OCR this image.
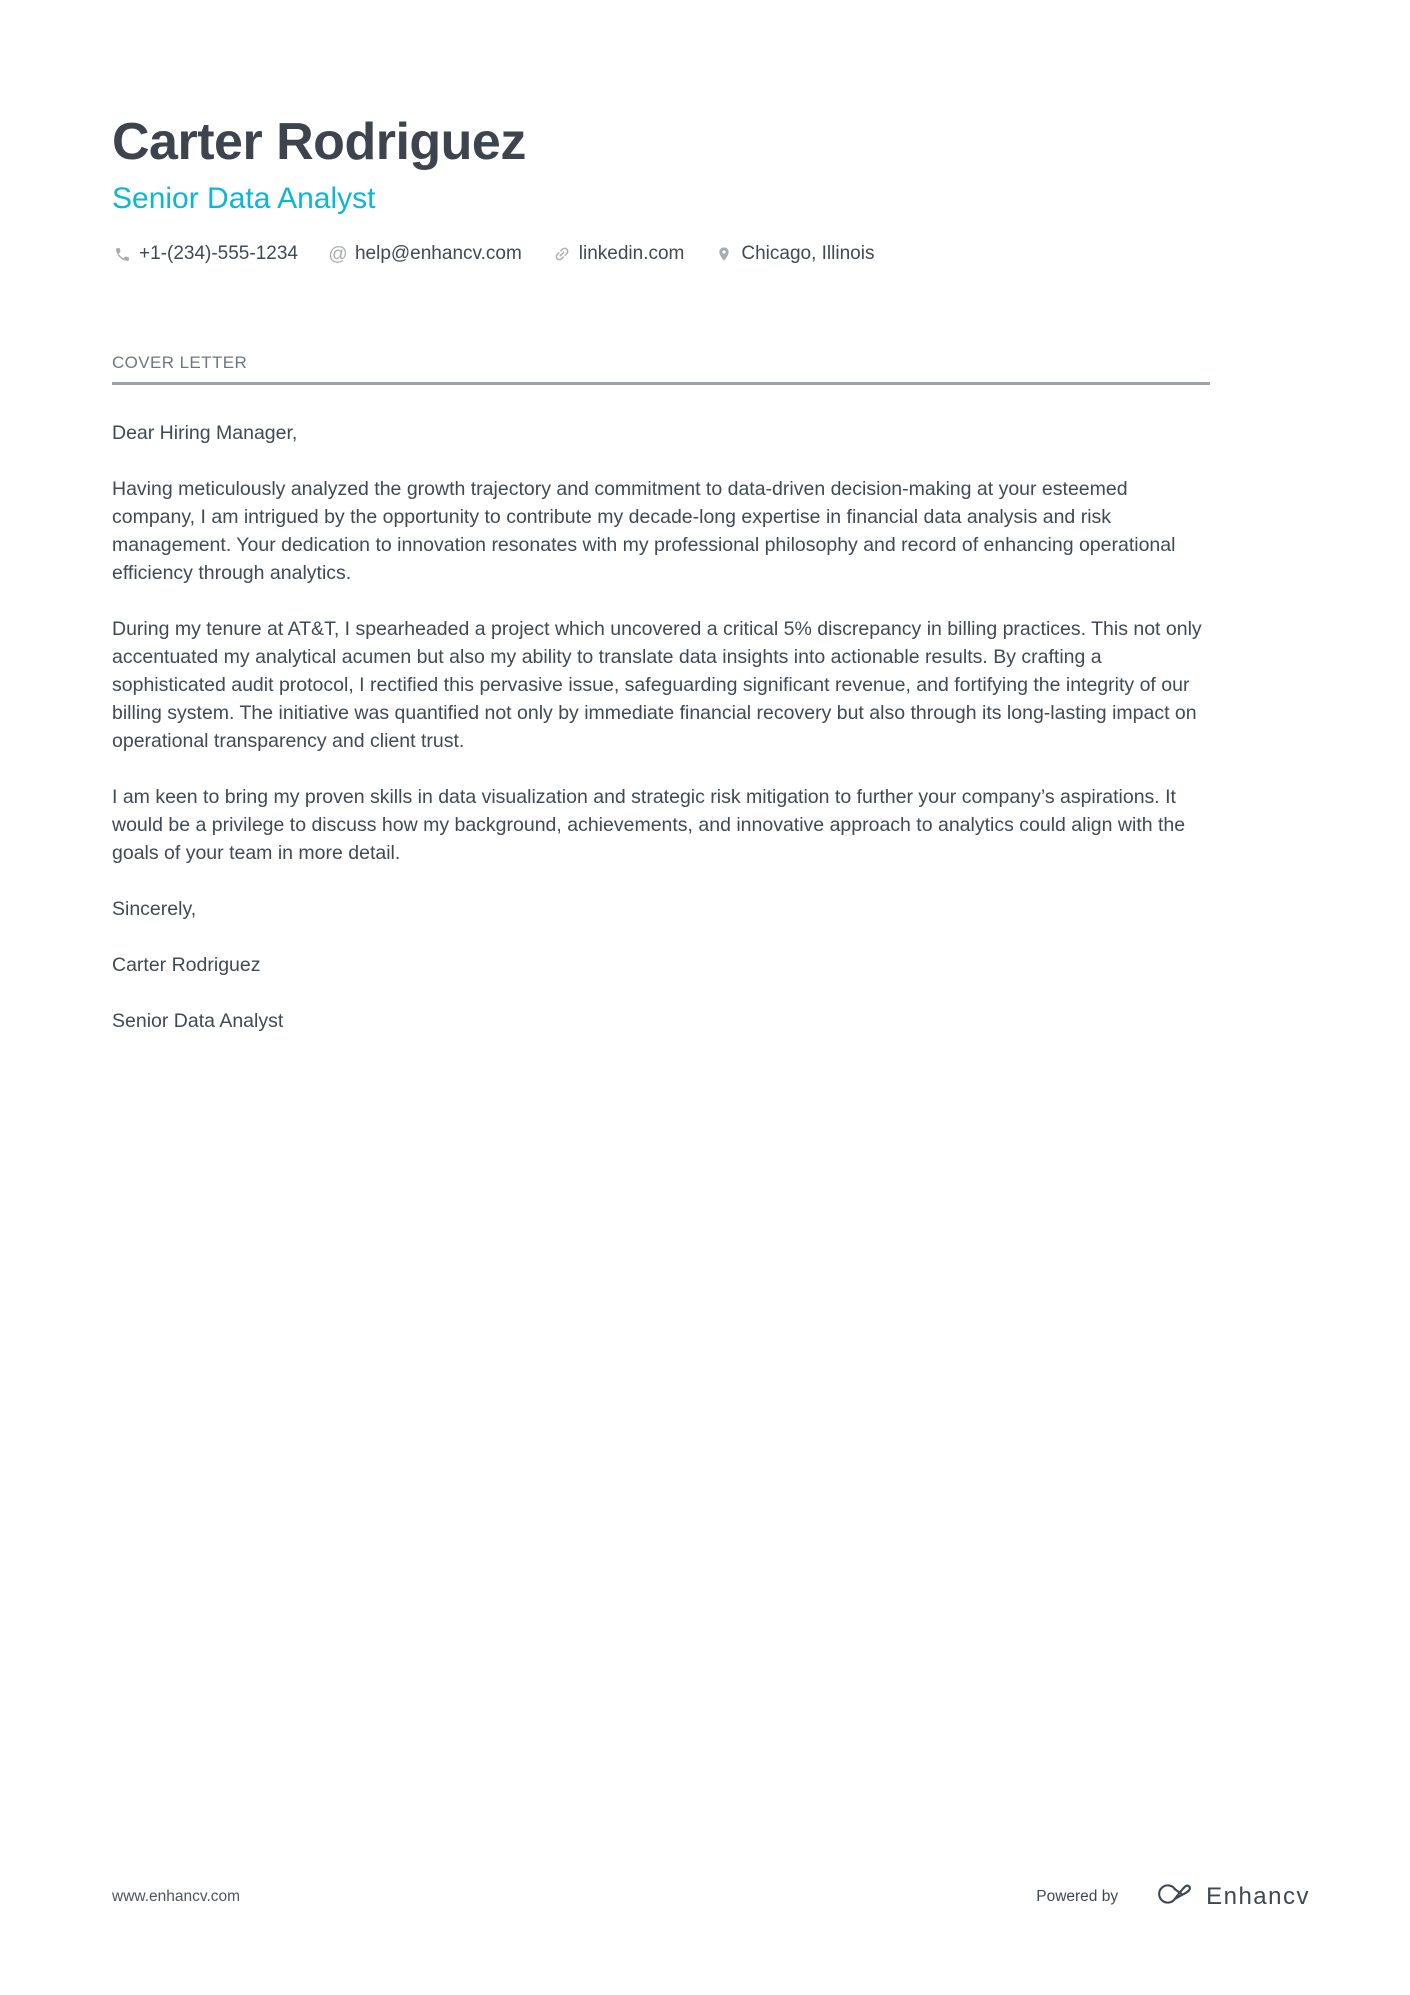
Carter Rodriguez
Senior Data Analyst
+1-(234)-555-1234 @ help@enhancv.com	linkedin.com	Chicago, Illinois
COVER LETTER

Dear Hiring Manager,

Having meticulously analyzed the growth trajectory and commitment to data-driven decision-making at your esteemed company, I am intrigued by the opportunity to contribute my decade-long expertise in financial data analysis and risk management. Your dedication to innovation resonates with my professional philosophy and record of enhancing operational efficiency through analytics.

During my tenure at AT&T, I spearheaded a project which uncovered a critical 5% discrepancy in billing practices. This not only accentuated my analytical acumen but also my ability to translate data insights into actionable results. By crafting a sophisticated audit protocol, I rectified this pervasive issue, safeguarding significant revenue, and fortifying the integrity of our billing system. The initiative was quantified not only by immediate financial recovery but also through its long-lasting impact on operational transparency and client trust.

I am keen to bring my proven skills in data visualization and strategic risk mitigation to further your company’s aspirations. It would be a privilege to discuss how my background, achievements, and innovative approach to analytics could align with the goals of your team in more detail.

Sincerely,

Carter Rodriguez

Senior Data Analyst

www.enhancv.com	Powered by	Enhancv
